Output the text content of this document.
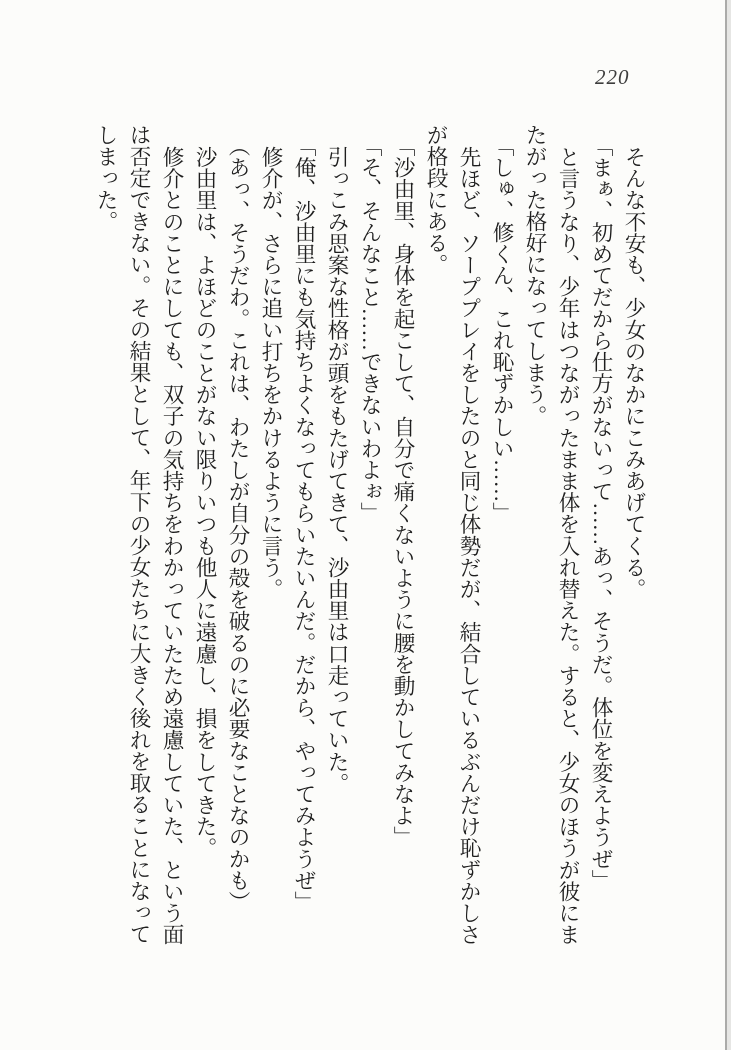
220

そんな不安も、少女のなかにこみあげてくる。

「まぁ、初めてだから仕方がないって……あっ、そうだ。体位を変えようぜ」

と言うなり、少年はつながったまま体を入れ替えた。すると、少女のほうが彼にまたがった格好になってしまう。

「しゅ、修くん、これ恥ずかしい……」

先ほど、ソーププレイをしたのと同じ体勢だが、結合しているぶんだけ恥ずかしさが格段にある。

「沙由里、身体を起こして、自分で痛くないように腰を動かしてみなよ」

「そ、そんなこと……できないわよぉ」

引っこみ思案な性格が頭をもたげてきて、沙由里は口走っていた。

「俺、沙由里にも気持ちよくなってもらいたいんだ。だから、やってみようぜ」

修介が、さらに追い打ちをかけるように言う。

（あっ、そうだわ。これは、わたしが自分の殻を破るのに必要なことなのかも）

沙由里は、よほどのことがない限りいつも他人に遠慮し、損をしてきた。

修介とのことにしても、双子の気持ちをわかっていたため遠慮していた、という面は否定できない。その結果として、年下の少女たちに大きく後れを取ることになってしまった。
